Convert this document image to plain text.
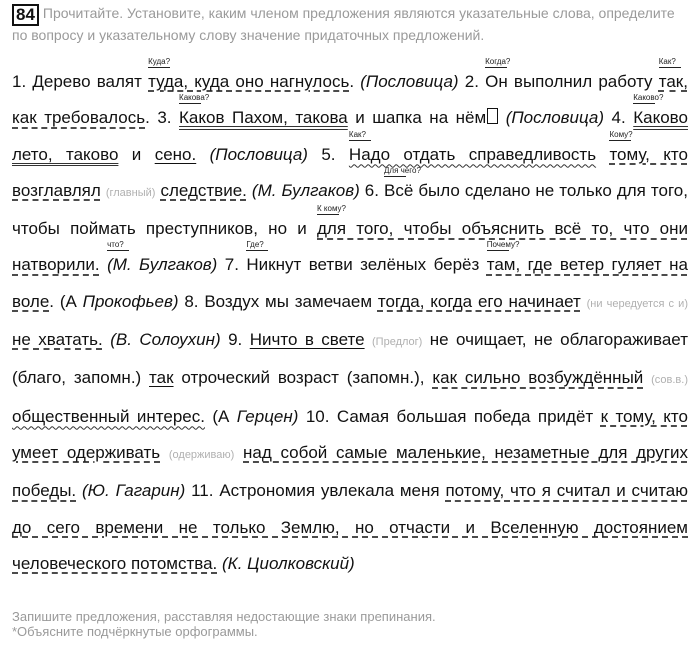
84 Прочитайте. Установите, каким членом предложения являются указательные слова, определите по вопросу и указательному слову значение придаточных предложений.
1. Дерево валят
Куда?
туда, куда оно нагнулось. (Пословица) 2.
Когда?
Он выполнил работу
Как?
так, как требовалось. 3.
Какова?
Каков Пахом, такова и шапка на нём (Пословица) 4.
Каково?
Каково лето, таково и сено. (Пословица) 5.
Как?
Надо отдать справедливость
Кому?
тому, кто возглавлял (главный) следствие. (М. Булгаков) 6.
Для чего?
Всё было сделано не только для того, чтобы поймать преступников, но и
К кому?
для того, чтобы объяснить всё то, что они натворили.
что?
(М. Булгаков) 7.
Где?
Никнут ветви зелёных берёз
Почему?
там, где ветер гуляет на воле. (А Прокофьев) 8. Воздух мы замечаем тогда, когда его начинает (ни чередуется с и) не хватать. (В. Солоухин) 9. Ничто в свете (Предлог) не очищает, не облагораживает (благо, запомн.) так отроческий возраст (запомн.), как сильно возбуждённый (сов.в.) общественный интерес. (А Герцен) 10. Самая большая победа придёт к тому, кто умеет одерживать (одерживаю) над собой самые маленькие, незаметные для других победы. (Ю. Гагарин) 11. Астрономия увлекала меня потому, что я считал и считаю до сего времени не только Землю, но отчасти и Вселенную достоянием человеческого потомства. (К. Циолковский)
Запишите предложения, расставляя недостающие знаки препинания.
*Объясните подчёркнутые орфограммы.
